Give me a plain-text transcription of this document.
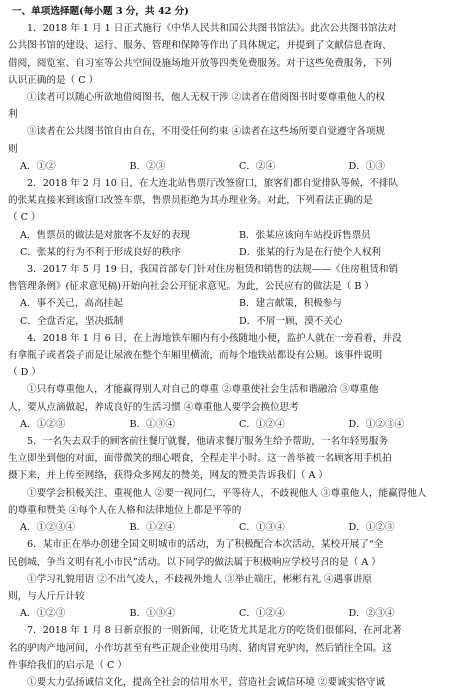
一、单项选择题(每小题 3 分，共 42 分)
1．2018 年 1 月 1 日正式施行《中华人民共和国公共图书馆法》。此次公共图书馆法对
公共图书馆的建设、运行、服务、管理和保障等作出了具体规定，并提到了文献信息查询、
借阅，阅览室、自习室等公共空间设施场地开放等四类免费服务。对于这些免费服务，下列
认识正确的是（ C ）
①读者可以随心所欲地借阅图书，他人无权干涉 ②读者在借阅图书时要尊重他人的权
利
③读者在公共图书馆自由自在，不用受任何约束 ④读者在这些场所要自觉遵守各项规
则
A．①②	B．②③	C．②④	D．①③
2．2018 年 2 月 10 日，在大连北站售票厅改签窗口，旅客们都自觉排队等候，不排队
的张某直接来到该窗口改签车票，售票员拒绝为其办理业务。对此，下列看法正确的是
（ C ）
A．售票员的做法是对旅客不友好的表现	B．张某应该向车站投诉售票员
C．张某的行为不利于形成良好的秩序	D．张某的行为是在行使个人权利
3．2017 年 5 月 19 日，我国首部专门针对住房租赁和销售的法规——《住房租赁和销
售管理条例》(征求意见稿)开始向社会公开征求意见。为此，公民应有的做法是（ B ）
A．事不关己，高高挂起	B．建言献策，积极参与
C．全盘否定，坚决抵制	D．不屑一顾，漠不关心
4．2018 年 1 月 6 日，在上海地铁车厢内有小孩随地小便，监护人就在一旁看着，并没
有拿瓶子或者袋子而是让尿液在整个车厢里横流，而每个地铁站都设有公厕。该事件说明
（ D ）
①只有尊重他人，才能赢得别人对自己的尊重 ②尊重使社会生活和谐融洽 ③尊重他
人，要从点滴做起，养成良好的生活习惯 ④尊重他人要学会换位思考
A．①②③	B．①③④	C．①②④	D．①②③④
5．一名失去双手的顾客前往餐厅就餐，他请求餐厅服务生给予帮助，一名年轻男服务
生立即坐到他的对面，面带微笑的细心喂食，全程走半小时。这一善举被一名顾客用手机拍
摄下来，并上传至网络，获得众多网友的赞美，网友的赞美告诉我们（ A ）
①要学会积极关注、重视他人 ②要一视同仁，平等待人，不歧视他人 ③尊重他人，能赢得他人
的尊重和赞美 ④每个人在人格和法律地位上都是平等的
A．①②③④	B．①②④	C．①③④	D．①②③
6．某市正在举办创建全国文明城市的活动，为了积极配合本次活动，某校开展了“全
民创城，争当文明有礼小市民”活动。以下同学的做法属于积极响应学校号召的是（ A ）
①学习礼貌用语 ②不出气凌人，不歧视外地人 ③举止端庄，彬彬有礼 ④遇事讲原
则，与人斤斤计较
A．①②③	B．①③④	C．①②④	D．②③④
7．2018 年 1 月 8 日新京报的一则新闻，让吃货尤其是北方的吃货们很郁闷，在河北著
名的驴肉产地河间，小作坊甚至有些正规企业使用马肉、猪肉冒充驴肉，然后销往全国。这
件事给我们的启示是（ C ）
①要大力弘扬诚信文化，提高全社会的信用水平，营造社会诚信环境 ②要诚实恪守诚
